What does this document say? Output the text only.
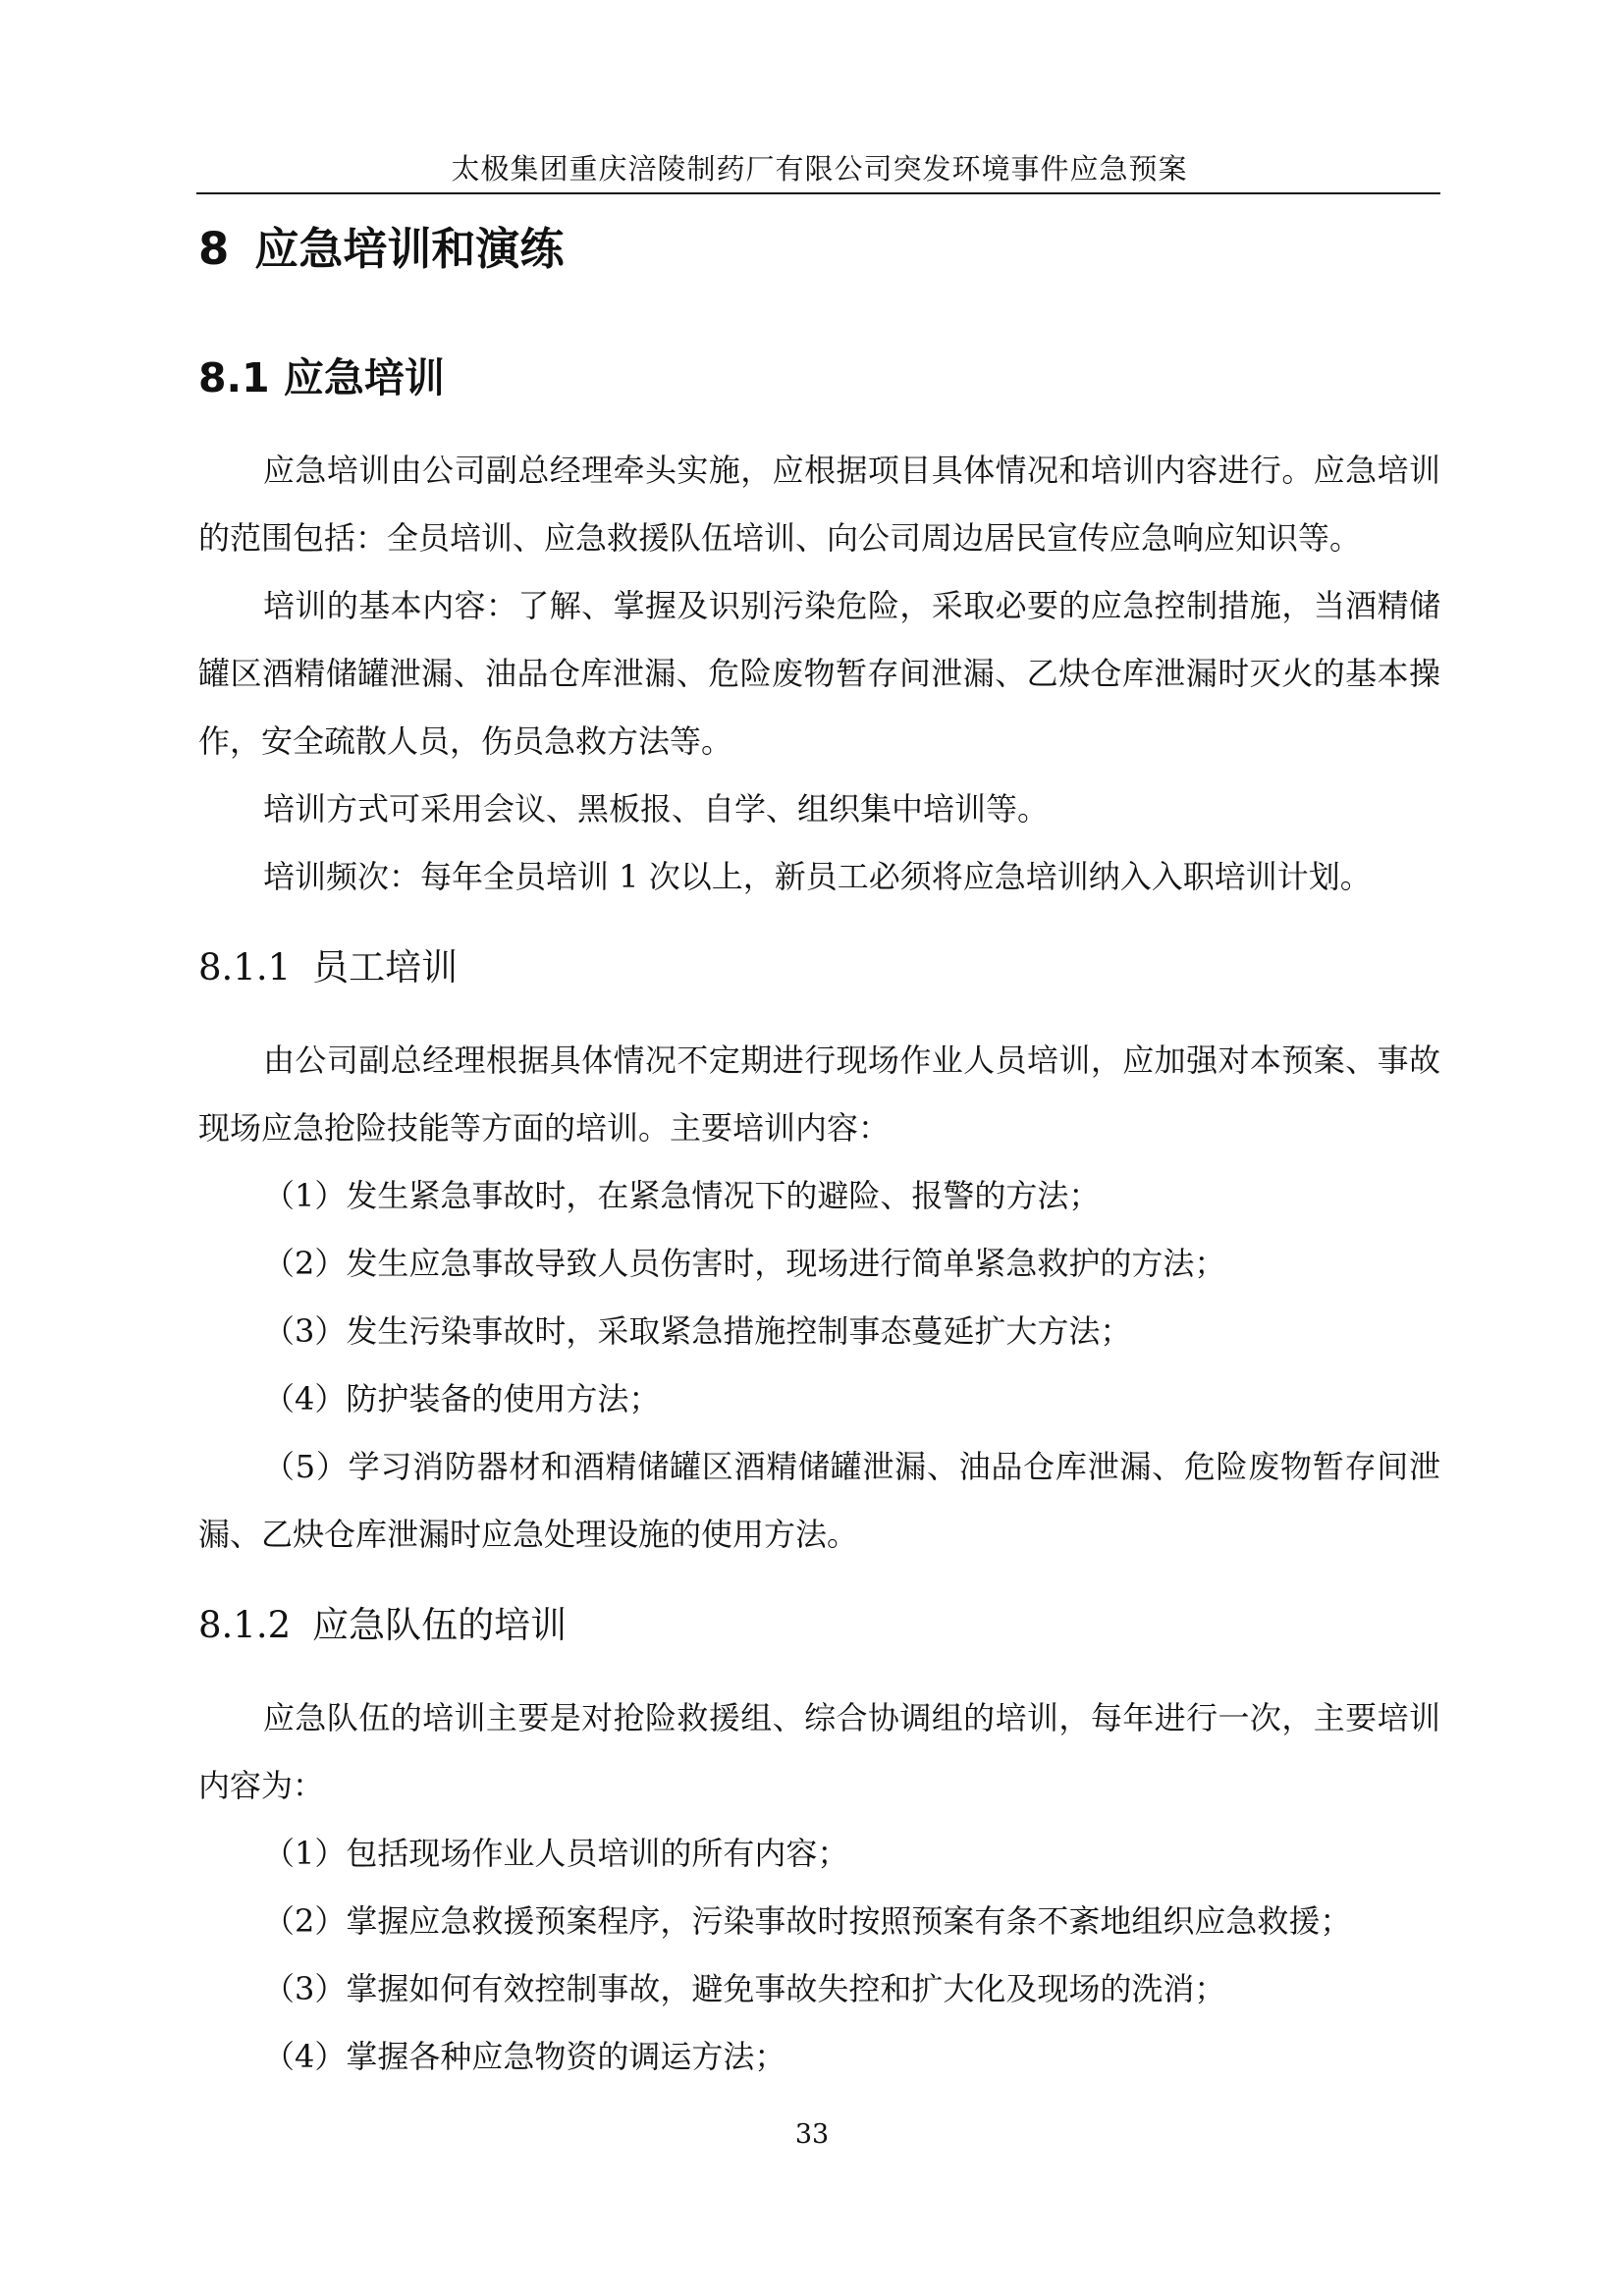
太极集团重庆涪陵制药厂有限公司突发环境事件应急预案
8 应急培训和演练
8.1 应急培训

应急培训由公司副总经理牵头实施，应根据项目具体情况和培训内容进行。应急培训的范围包括：全员培训、应急救援队伍培训、向公司周边居民宣传应急响应知识等。

培训的基本内容：了解、掌握及识别污染危险，采取必要的应急控制措施，当酒精储罐区酒精储罐泄漏、油品仓库泄漏、危险废物暂存间泄漏、乙炔仓库泄漏时灭火的基本操作，安全疏散人员，伤员急救方法等。

培训方式可采用会议、黑板报、自学、组织集中培训等。

培训频次：每年全员培训 1 次以上，新员工必须将应急培训纳入入职培训计划。

8.1.1 员工培训

由公司副总经理根据具体情况不定期进行现场作业人员培训，应加强对本预案、事故现场应急抢险技能等方面的培训。主要培训内容：

（1）发生紧急事故时，在紧急情况下的避险、报警的方法；

（2）发生应急事故导致人员伤害时，现场进行简单紧急救护的方法；

（3）发生污染事故时，采取紧急措施控制事态蔓延扩大方法；

（4）防护装备的使用方法；

（5）学习消防器材和酒精储罐区酒精储罐泄漏、油品仓库泄漏、危险废物暂存间泄漏、乙炔仓库泄漏时应急处理设施的使用方法。

8.1.2 应急队伍的培训

应急队伍的培训主要是对抢险救援组、综合协调组的培训，每年进行一次，主要培训内容为：

（1）包括现场作业人员培训的所有内容；

（2）掌握应急救援预案程序，污染事故时按照预案有条不紊地组织应急救援；

（3）掌握如何有效控制事故，避免事故失控和扩大化及现场的洗消；

（4）掌握各种应急物资的调运方法；

33
